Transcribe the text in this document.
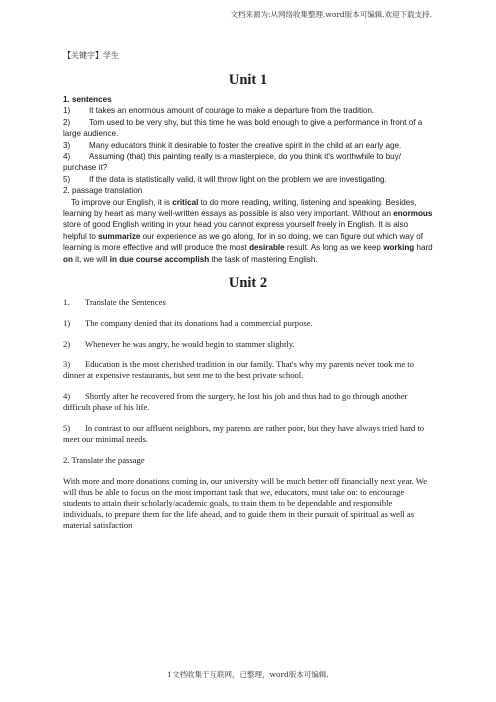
文档来源为:从网络收集整理.word版本可编辑.欢迎下载支持.
【关键字】学生
Unit 1

1. sentences

1) It takes an enormous amount of courage to make a departure from the tradition.

2) Tom used to be very shy, but this time he was bold enough to give a performance in front of a large audience.

3) Many educators think it desirable to foster the creative spirit in the child at an early age.

4) Assuming (that) this painting really is a masterpiece, do you think it's worthwhile to buy/ purchase it?

5) If the data is statistically valid, it will throw light on the problem we are investigating.

2. passage translation

To improve our English, it is critical to do more reading, writing, listening and speaking. Besides, learning by heart as many well-written essays as possible is also very important. Without an enormous store of good English writing in your head you cannot express yourself freely in English. It is also helpful to summarize our experience as we go along, for in so doing, we can figure out which way of learning is more effective and will produce the most desirable result. As long as we keep working hard on it, we will in due course accomplish the task of mastering English.

Unit 2

1. Translate the Sentences

1) The company denied that its donations had a commercial purpose.

2) Whenever he was angry, he would begin to stammer slightly.

3) Education is the most cherished tradition in our family. That's why my parents never took me to dinner at expensive restaurants, but sent me to the best private school.

4) Shortly after he recovered from the surgery, he lost his job and thus had to go through another difficult phase of his life.

5) In contrast to our affluent neighbors, my parents are rather poor, but they have always tried hard to meet our minimal needs.

2. Translate the passage

With more and more donations coming in, our university will be much better off financially next year. We will thus be able to focus on the most important task that we, educators, must take on: to encourage students to attain their scholarly/academic goals, to train them to be dependable and responsible individuals, to prepare them for the life ahead, and to guide them in their pursuit of spiritual as well as material satisfaction

1文档收集于互联网，已整理，word版本可编辑.
